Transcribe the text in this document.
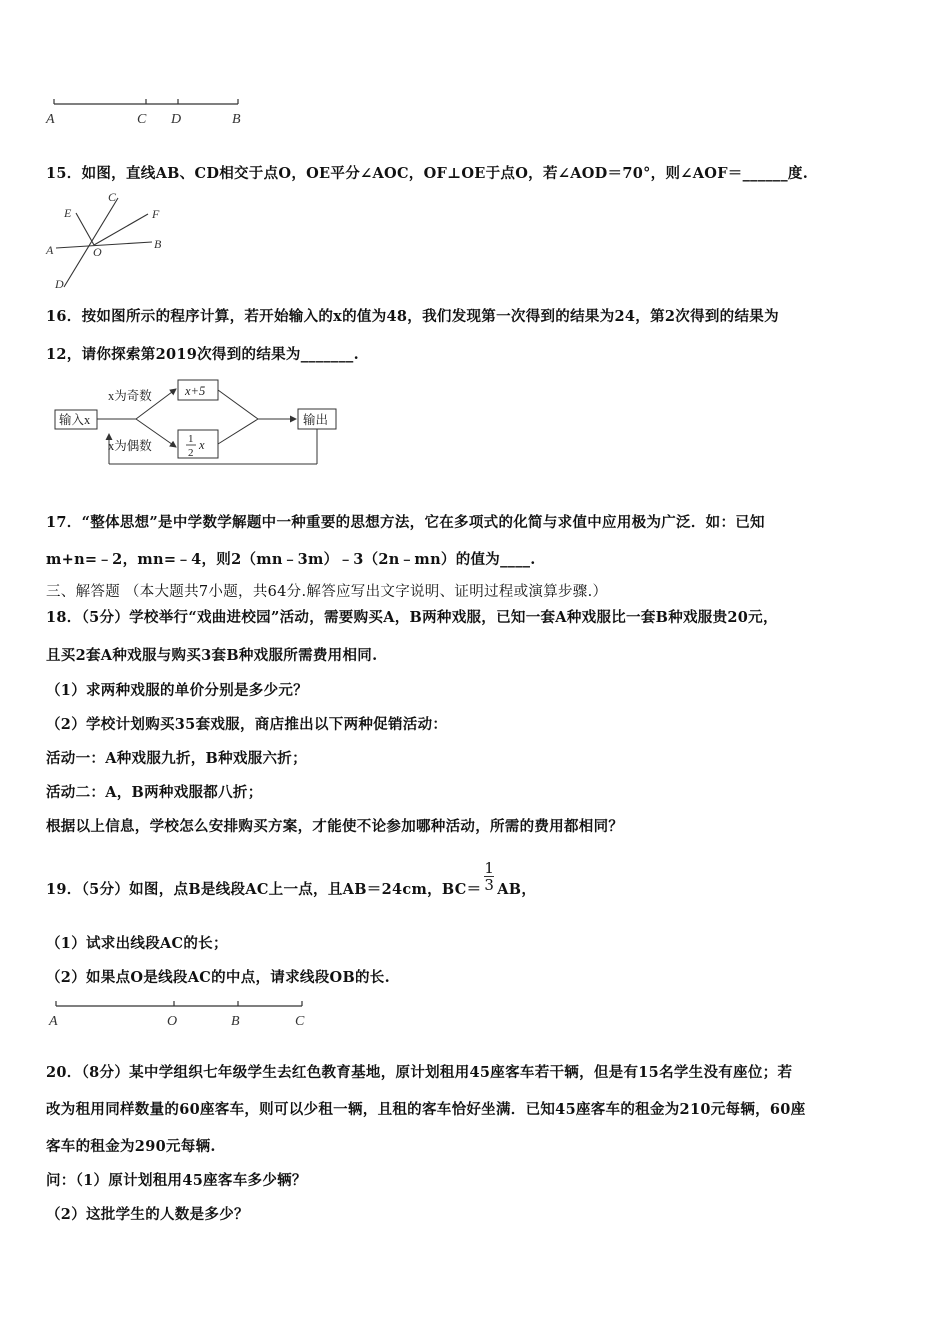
A	C D	B
15．如图，直线AB、CD相交于点O，OE平分∠AOC，OF⊥OE于点O，若∠AOD＝70°，则∠AOF＝______度.
C
E	F
A	O
B
D
16．按如图所示的程序计算，若开始输入的x的值为48，我们发现第一次得到的结果为24，第2次得到的结果为
12，请你探索第2019次得到的结果为_______.
输入x
x为奇数
x为偶数
x+5
1
2
x
输出
17．“整体思想”是中学数学解题中一种重要的思想方法，它在多项式的化简与求值中应用极为广泛．如：已知
m+n=﹣2，mn=﹣4，则2（mn﹣3m）﹣3（2n﹣mn）的值为____.
三、解答题 （本大题共7小题，共64分.解答应写出文字说明、证明过程或演算步骤.）
18．（5分）学校举行“戏曲进校园”活动，需要购买A，B两种戏服，已知一套A种戏服比一套B种戏服贵20元，
且买2套A种戏服与购买3套B种戏服所需费用相同.
（1）求两种戏服的单价分别是多少元？
（2）学校计划购买35套戏服，商店推出以下两种促销活动：
活动一：A种戏服九折，B种戏服六折；
活动二：A，B两种戏服都八折；
根据以上信息，学校怎么安排购买方案，才能使不论参加哪种活动，所需的费用都相同？
19．（5分）如图，点B是线段AC上一点，且AB＝24cm，$BC= \frac{1}{3}$ AB，
（1）试求出线段AC的长；
（2）如果点O是线段AC的中点，请求线段OB的长.
A	O	B	C
20．（8分）某中学组织七年级学生去红色教育基地，原计划租用45座客车若干辆，但是有15名学生没有座位；若
改为租用同样数量的60座客车，则可以少租一辆，且租的客车恰好坐满．已知45座客车的租金为210元每辆，60座
客车的租金为290元每辆.
问：（1）原计划租用45座客车多少辆？
（2）这批学生的人数是多少？
